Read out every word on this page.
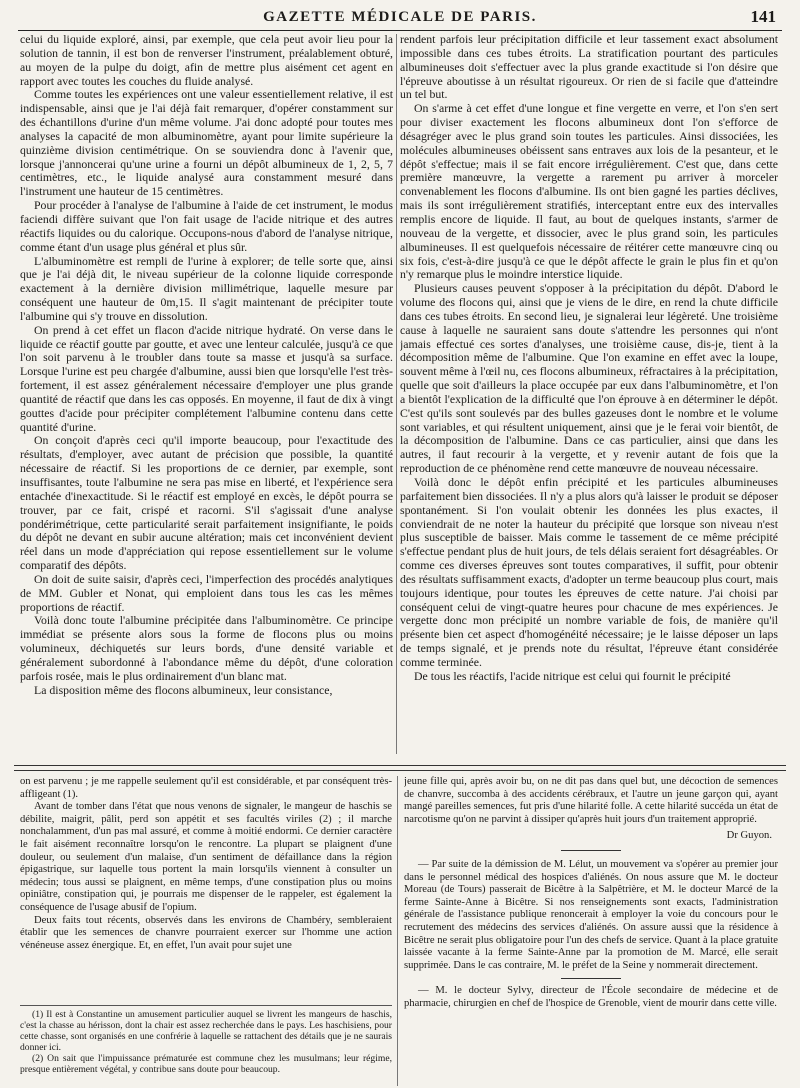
GAZETTE MÉDICALE DE PARIS.	141

celui du liquide exploré, ainsi, par exemple, que cela peut avoir lieu pour la solution de tannin, il est bon de renverser l'instrument, préalablement obturé, au moyen de la pulpe du doigt, afin de mettre plus aisément cet agent en rapport avec toutes les couches du fluide analysé.

Comme toutes les expériences ont une valeur essentiellement relative, il est indispensable, ainsi que je l'ai déjà fait remarquer, d'opérer constamment sur des échantillons d'urine d'un même volume. J'ai donc adopté pour toutes mes analyses la capacité de mon albuminomètre, ayant pour limite supérieure la quinzième division centimétrique. On se souviendra donc à l'avenir que, lorsque j'annoncerai qu'une urine a fourni un dépôt albumineux de 1, 2, 5, 7 centimètres, etc., le liquide analysé aura constamment mesuré dans l'instrument une hauteur de 15 centimètres.

Pour procéder à l'analyse de l'albumine à l'aide de cet instrument, le modus faciendi diffère suivant que l'on fait usage de l'acide nitrique et des autres réactifs liquides ou du calorique. Occupons-nous d'abord de l'analyse nitrique, comme étant d'un usage plus général et plus sûr.

L'albuminomètre est rempli de l'urine à explorer; de telle sorte que, ainsi que je l'ai déjà dit, le niveau supérieur de la colonne liquide corresponde exactement à la dernière division millimétrique, laquelle mesure par conséquent une hauteur de 0m,15. Il s'agit maintenant de précipiter toute l'albumine qui s'y trouve en dissolution.

On prend à cet effet un flacon d'acide nitrique hydraté. On verse dans le liquide ce réactif goutte par goutte, et avec une lenteur calculée, jusqu'à ce que l'on soit parvenu à le troubler dans toute sa masse et jusqu'à sa surface. Lorsque l'urine est peu chargée d'albumine, aussi bien que lorsqu'elle l'est très-fortement, il est assez généralement nécessaire d'employer une plus grande quantité de réactif que dans les cas opposés. En moyenne, il faut de dix à vingt gouttes d'acide pour précipiter complétement l'albumine contenu dans cette quantité d'urine.

On conçoit d'après ceci qu'il importe beaucoup, pour l'exactitude des résultats, d'employer, avec autant de précision que possible, la quantité nécessaire de réactif. Si les proportions de ce dernier, par exemple, sont insuffisantes, toute l'albumine ne sera pas mise en liberté, et l'expérience sera entachée d'inexactitude. Si le réactif est employé en excès, le dépôt pourra se trouver, par ce fait, crispé et racorni. S'il s'agissait d'une analyse pondérimétrique, cette particularité serait parfaitement insignifiante, le poids du dépôt ne devant en subir aucune altération; mais cet inconvénient devient réel dans un mode d'appréciation qui repose essentiellement sur le volume comparatif des dépôts.

On doit de suite saisir, d'après ceci, l'imperfection des procédés analytiques de MM. Gubler et Nonat, qui emploient dans tous les cas les mêmes proportions de réactif.

Voilà donc toute l'albumine précipitée dans l'albuminomètre. Ce principe immédiat se présente alors sous la forme de flocons plus ou moins volumineux, déchiquetés sur leurs bords, d'une densité variable et généralement subordonné à l'abondance même du dépôt, d'une coloration parfois rosée, mais le plus ordinairement d'un blanc mat.

La disposition même des flocons albumineux, leur consistance,

rendent parfois leur précipitation difficile et leur tassement exact absolument impossible dans ces tubes étroits. La stratification pourtant des particules albumineuses doit s'effectuer avec la plus grande exactitude si l'on désire que l'épreuve aboutisse à un résultat rigoureux. Or rien de si facile que d'atteindre un tel but.

On s'arme à cet effet d'une longue et fine vergette en verre, et l'on s'en sert pour diviser exactement les flocons albumineux dont l'on s'efforce de désagréger avec le plus grand soin toutes les particules. Ainsi dissociées, les molécules albumineuses obéissent sans entraves aux lois de la pesanteur, et le dépôt s'effectue; mais il se fait encore irrégulièrement. C'est que, dans cette première manœuvre, la vergette a rarement pu arriver à morceler convenablement les flocons d'albumine. Ils ont bien gagné les parties déclives, mais ils sont irrégulièrement stratifiés, interceptant entre eux des intervalles remplis encore de liquide. Il faut, au bout de quelques instants, s'armer de nouveau de la vergette, et dissocier, avec le plus grand soin, les particules albumineuses. Il est quelquefois nécessaire de réitérer cette manœuvre cinq ou six fois, c'est-à-dire jusqu'à ce que le dépôt affecte le grain le plus fin et qu'on n'y remarque plus le moindre interstice liquide.

Plusieurs causes peuvent s'opposer à la précipitation du dépôt. D'abord le volume des flocons qui, ainsi que je viens de le dire, en rend la chute difficile dans ces tubes étroits. En second lieu, je signalerai leur légèreté. Une troisième cause à laquelle ne sauraient sans doute s'attendre les personnes qui n'ont jamais effectué ces sortes d'analyses, une troisième cause, dis-je, tient à la décomposition même de l'albumine. Que l'on examine en effet avec la loupe, souvent même à l'œil nu, ces flocons albumineux, réfractaires à la précipitation, quelle que soit d'ailleurs la place occupée par eux dans l'albuminomètre, et l'on a bientôt l'explication de la difficulté que l'on éprouve à en déterminer le dépôt. C'est qu'ils sont soulevés par des bulles gazeuses dont le nombre et le volume sont variables, et qui résultent uniquement, ainsi que je le ferai voir bientôt, de la décomposition de l'albumine. Dans ce cas particulier, ainsi que dans les autres, il faut recourir à la vergette, et y revenir autant de fois que la reproduction de ce phénomène rend cette manœuvre de nouveau nécessaire.

Voilà donc le dépôt enfin précipité et les particules albumineuses parfaitement bien dissociées. Il n'y a plus alors qu'à laisser le produit se déposer spontanément. Si l'on voulait obtenir les données les plus exactes, il conviendrait de ne noter la hauteur du précipité que lorsque son niveau n'est plus susceptible de baisser. Mais comme le tassement de ce même précipité s'effectue pendant plus de huit jours, de tels délais seraient fort désagréables. Or comme ces diverses épreuves sont toutes comparatives, il suffit, pour obtenir des résultats suffisamment exacts, d'adopter un terme beaucoup plus court, mais toujours identique, pour toutes les épreuves de cette nature. J'ai choisi par conséquent celui de vingt-quatre heures pour chacune de mes expériences. Je vergette donc mon précipité un nombre variable de fois, de manière qu'il présente bien cet aspect d'homogénéité nécessaire; je le laisse déposer un laps de temps signalé, et je prends note du résultat, l'épreuve étant considérée comme terminée.

De tous les réactifs, l'acide nitrique est celui qui fournit le précipité

on est parvenu ; je me rappelle seulement qu'il est considérable, et par conséquent très-affligeant (1).

Avant de tomber dans l'état que nous venons de signaler, le mangeur de haschis se débilite, maigrit, pâlit, perd son appétit et ses facultés viriles (2) ; il marche nonchalamment, d'un pas mal assuré, et comme à moitié endormi. Ce dernier caractère le fait aisément reconnaître lorsqu'on le rencontre. La plupart se plaignent d'une douleur, ou seulement d'un malaise, d'un sentiment de défaillance dans la région épigastrique, sur laquelle tous portent la main lorsqu'ils viennent à consulter un médecin; tous aussi se plaignent, en même temps, d'une constipation plus ou moins opiniâtre, constipation qui, je pourrais me dispenser de le rappeler, est également la conséquence de l'usage abusif de l'opium.

Deux faits tout récents, observés dans les environs de Chambéry, sembleraient établir que les semences de chanvre pourraient exercer sur l'homme une action vénéneuse assez énergique. Et, en effet, l'un avait pour sujet une

(1) Il est à Constantine un amusement particulier auquel se livrent les mangeurs de haschis, c'est la chasse au hérisson, dont la chair est assez recherchée dans le pays. Les haschisiens, pour cette chasse, sont organisés en une confrérie à laquelle se rattachent des détails que je ne saurais donner ici.

(2) On sait que l'impuissance prématurée est commune chez les musulmans; leur régime, presque entièrement végétal, y contribue sans doute pour beaucoup.

jeune fille qui, après avoir bu, on ne dit pas dans quel but, une décoction de semences de chanvre, succomba à des accidents cérébraux, et l'autre un jeune garçon qui, ayant mangé pareilles semences, fut pris d'une hilarité folle. A cette hilarité succéda un état de narcotisme qu'on ne parvint à dissiper qu'après huit jours d'un traitement approprié.

Dr Guyon.

— Par suite de la démission de M. Lélut, un mouvement va s'opérer au premier jour dans le personnel médical des hospices d'aliénés. On nous assure que M. le docteur Moreau (de Tours) passerait de Bicêtre à la Salpêtrière, et M. le docteur Marcé de la ferme Sainte-Anne à Bicêtre. Si nos renseignements sont exacts, l'administration générale de l'assistance publique renoncerait à employer la voie du concours pour le recrutement des médecins des services d'aliénés. On assure aussi que la résidence à Bicêtre ne serait plus obligatoire pour l'un des chefs de service. Quant à la place gratuite laissée vacante à la ferme Sainte-Anne par la promotion de M. Marcé, elle serait supprimée. Dans le cas contraire, M. le préfet de la Seine y nommerait directement.

— M. le docteur Sylvy, directeur de l'École secondaire de médecine et de pharmacie, chirurgien en chef de l'hospice de Grenoble, vient de mourir dans cette ville.
